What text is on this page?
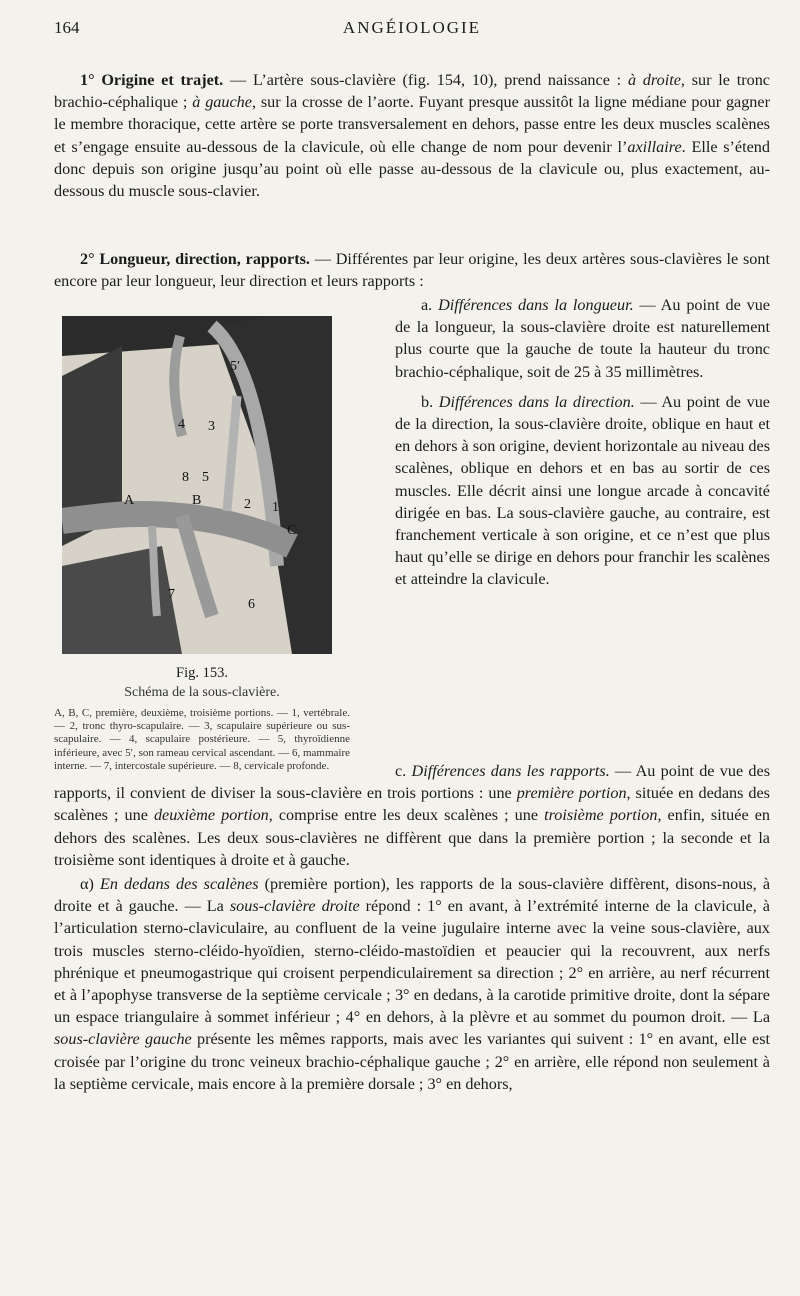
164	ANGÉIOLOGIE

1° Origine et trajet. — L’artère sous-clavière (fig. 154, 10), prend naissance : à droite, sur le tronc brachio-céphalique ; à gauche, sur la crosse de l’aorte. Fuyant presque aussitôt la ligne médiane pour gagner le membre thoracique, cette artère se porte transversalement en dehors, passe entre les deux muscles scalènes et s’engage ensuite au-dessous de la clavicule, où elle change de nom pour devenir l’axillaire. Elle s’étend donc depuis son origine jusqu’au point où elle passe au-dessous de la clavicule ou, plus exactement, au-dessous du muscle sous-clavier.

2° Longueur, direction, rapports. — Différentes par leur origine, les deux artères sous-clavières le sont encore par leur longueur, leur direction et leurs rapports :

5′
4 3
8 5
2 1
A	B
C
7
6
Fig. 153.
Schéma de la sous-clavière.

A, B, C, première, deuxième, troisième portions. — 1, vertébrale. — 2, tronc thyro-scapulaire. — 3, scapulaire supérieure ou sus-scapulaire. — 4, scapulaire postérieure. — 5, thyroïdienne inférieure, avec 5′, son rameau cervical ascendant. — 6, mammaire interne. — 7, intercostale supérieure. — 8, cervicale profonde.

a. Différences dans la longueur. — Au point de vue de la longueur, la sous-clavière droite est naturellement plus courte que la gauche de toute la hauteur du tronc brachio-céphalique, soit de 25 à 35 millimètres.

b. Différences dans la direction. — Au point de vue de la direction, la sous-clavière droite, oblique en haut et en dehors à son origine, devient horizontale au niveau des scalènes, oblique en dehors et en bas au sortir de ces muscles. Elle décrit ainsi une longue arcade à concavité dirigée en bas. La sous-clavière gauche, au contraire, est franchement verticale à son origine, et ce n’est que plus haut qu’elle se dirige en dehors pour franchir les scalènes et atteindre la clavicule.

c. Différences dans les rapports. — Au point de vue des rapports, il convient de diviser la sous-clavière en trois portions : une première portion, située en dedans des scalènes ; une deuxième portion, comprise entre les deux scalènes ; une troisième portion, enfin, située en dehors des scalènes. Les deux sous-clavières ne diffèrent que dans la première portion ; la seconde et la troisième sont identiques à droite et à gauche.

α) En dedans des scalènes (première portion), les rapports de la sous-clavière diffèrent, disons-nous, à droite et à gauche. — La sous-clavière droite répond : 1° en avant, à l’extrémité interne de la clavicule, à l’articulation sterno-claviculaire, au confluent de la veine jugulaire interne avec la veine sous-clavière, aux trois muscles sterno-cléido-hyoïdien, sterno-cléido-mastoïdien et peaucier qui la recouvrent, aux nerfs phrénique et pneumogastrique qui croisent perpendiculairement sa direction ; 2° en arrière, au nerf récurrent et à l’apophyse transverse de la septième cervicale ; 3° en dedans, à la carotide primitive droite, dont la sépare un espace triangulaire à sommet inférieur ; 4° en dehors, à la plèvre et au sommet du poumon droit. — La sous-clavière gauche présente les mêmes rapports, mais avec les variantes qui suivent : 1° en avant, elle est croisée par l’origine du tronc veineux brachio-céphalique gauche ; 2° en arrière, elle répond non seulement à la septième cervicale, mais encore à la première dorsale ; 3° en dehors,
